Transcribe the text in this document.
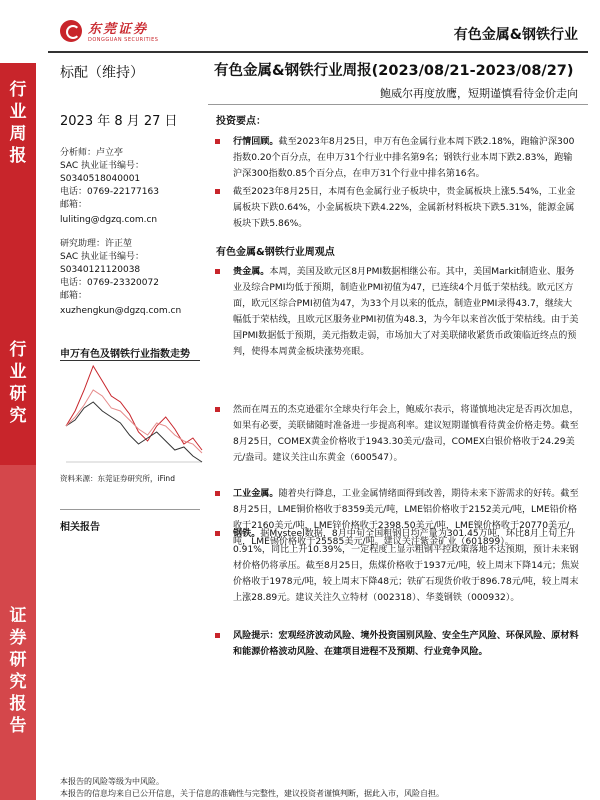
行业周报
行业研究
证券研究报告
东莞证券
DONGGUAN SECURITIES	有色金属&钢铁行业
标配（维持）	有色金属&钢铁行业周报(2023/08/21-2023/08/27)
鲍威尔再度放鹰，短期谨慎看待金价走向
2023 年 8 月 27 日
分析师：卢立亭
SAC 执业证书编号：
S0340518040001
电话：0769-22177163
邮箱：
luliting@dgzq.com.cn
研究助理：许正堃
SAC 执业证书编号：
S0340121120038
电话：0769-23320072
邮箱：
xuzhengkun@dgzq.com.cn
申万有色及钢铁行业指数走势
资料来源：东莞证券研究所，iFind
相关报告
投资要点：
行情回顾。截至2023年8月25日，申万有色金属行业本周下跌2.18%，跑输沪深300指数0.20个百分点，在申万31个行业中排名第9名；钢铁行业本周下跌2.83%，跑输沪深300指数0.85个百分点，在申万31个行业中排名第16名。
截至2023年8月25日，本周有色金属行业子板块中，贵金属板块上涨5.54%，工业金属板块下跌0.64%，小金属板块下跌4.22%，金属新材料板块下跌5.31%，能源金属板块下跌5.86%。
有色金属&钢铁行业周观点
贵金属。本周，美国及欧元区8月PMI数据相继公布。其中，美国Markit制造业、服务业及综合PMI均低于预期，制造业PMI初值为47，已连续4个月低于荣枯线。欧元区方面，欧元区综合PMI初值为47，为33个月以来的低点，制造业PMI录得43.7，继续大幅低于荣枯线，且欧元区服务业PMI初值为48.3，为今年以来首次低于荣枯线。由于美国PMI数据低于预期，美元指数走弱，市场加大了对美联储收紧货币政策临近终点的预判，使得本周黄金板块涨势亮眼。
然而在周五的杰克逊霍尔全球央行年会上，鲍威尔表示，将谨慎地决定是否再次加息，如果有必要，美联储随时准备进一步提高利率。建议短期谨慎看待黄金价格走势。截至8月25日，COMEX黄金价格收于1943.30美元/盎司，COMEX白银价格收于24.29美元/盎司。建议关注山东黄金（600547）。
工业金属。随着央行降息，工业金属情绪面得到改善，期待未来下游需求的好转。截至8月25日，LME铜价格收于8359美元/吨，LME铝价格收于2152美元/吨，LME铅价格收于2160美元/吨，LME锌价格收于2398.50美元/吨，LME镍价格收于20770美元/吨，LME锡价格收于25585美元/吨。建议关注紫金矿业（601899）。
钢铁。据Mysteel数据，8月中旬全国粗钢日均产量为301.45万吨，环比8月上旬上升0.91%，同比上升10.39%，一定程度上显示粗钢平控政策落地不达预期，预计未来钢材价格仍将承压。截至8月25日，焦煤价格收于1937元/吨，较上周末下降14元；焦炭价格收于1978元/吨，较上周末下降48元；铁矿石现货价收于896.78元/吨，较上周末上涨28.89元。建议关注久立特材（002318）、华菱钢铁（000932）。
风险提示：宏观经济波动风险、境外投资国别风险、安全生产风险、环保风险、原材料和能源价格波动风险、在建项目进程不及预期、行业竞争风险。
本报告的风险等级为中风险。
本报告的信息均来自已公开信息，关于信息的准确性与完整性，建议投资者谨慎判断，据此入市，风险自担。
